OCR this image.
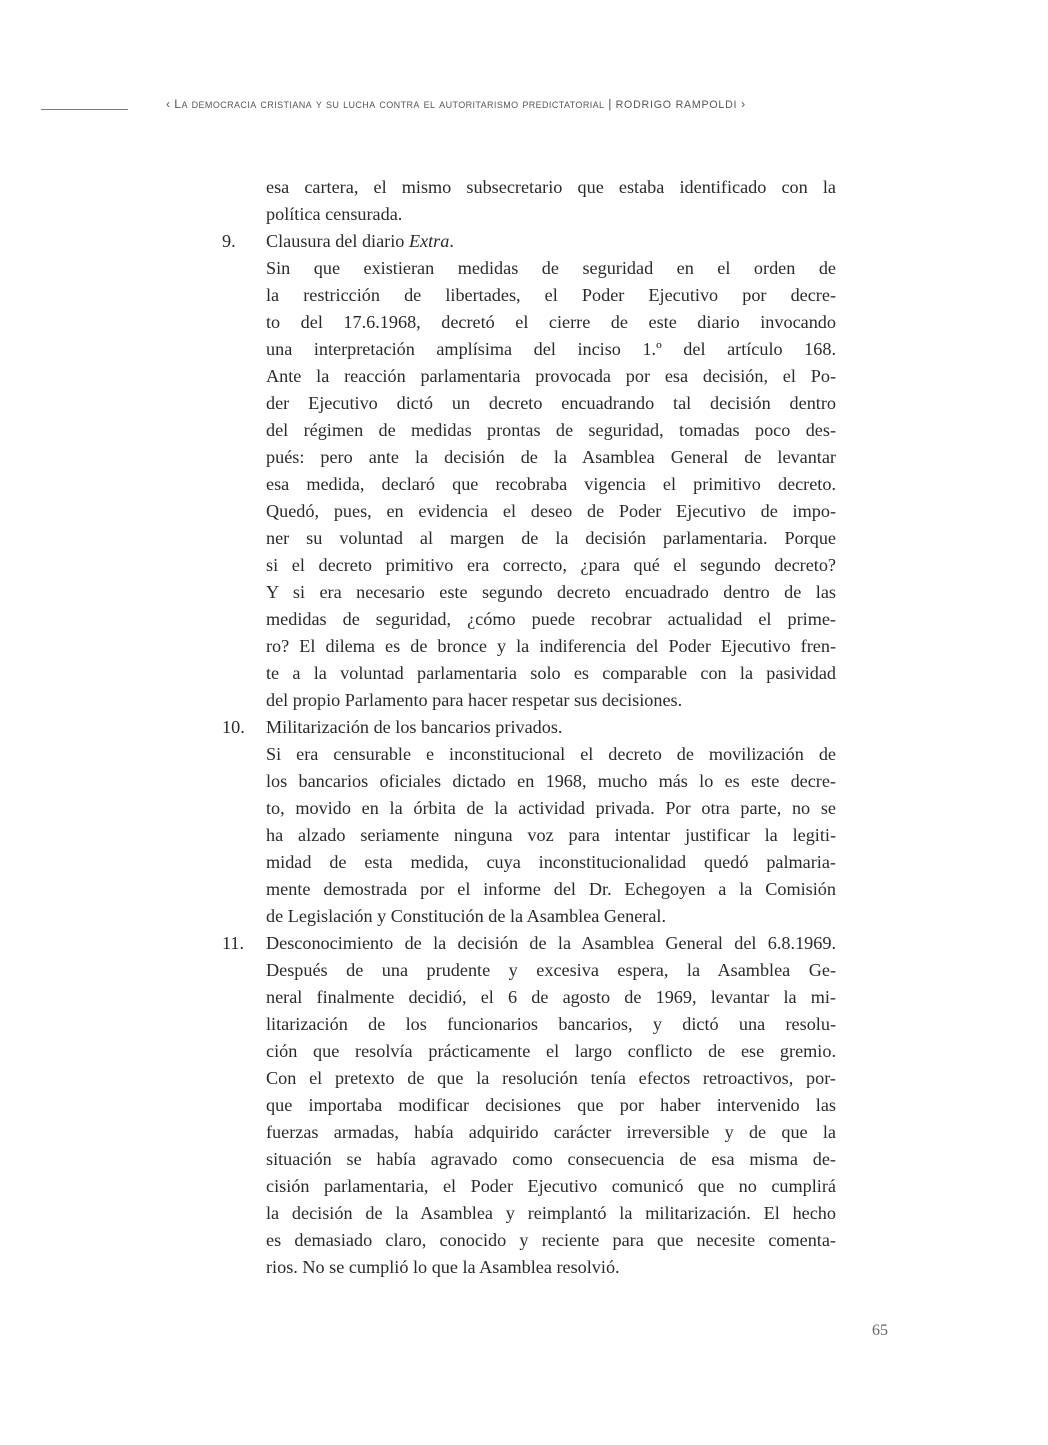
‹ La democracia cristiana y su lucha contra el autoritarismo predictatorial | RODRIGO RAMPOLDI ›
esa cartera, el mismo subsecretario que estaba identificado con la
política censurada.
9.	Clausura del diario Extra.
Sin que existieran medidas de seguridad en el orden de
la restricción de libertades, el Poder Ejecutivo por decre-
to del 17.6.1968, decretó el cierre de este diario invocando
una interpretación amplísima del inciso 1.º del artículo 168.
Ante la reacción parlamentaria provocada por esa decisión, el Po-
der Ejecutivo dictó un decreto encuadrando tal decisión dentro
del régimen de medidas prontas de seguridad, tomadas poco des-
pués: pero ante la decisión de la Asamblea General de levantar
esa medida, declaró que recobraba vigencia el primitivo decreto.
Quedó, pues, en evidencia el deseo de Poder Ejecutivo de impo-
ner su voluntad al margen de la decisión parlamentaria. Porque
si el decreto primitivo era correcto, ¿para qué el segundo decreto?
Y si era necesario este segundo decreto encuadrado dentro de las
medidas de seguridad, ¿cómo puede recobrar actualidad el prime-
ro? El dilema es de bronce y la indiferencia del Poder Ejecutivo fren-
te a la voluntad parlamentaria solo es comparable con la pasividad
del propio Parlamento para hacer respetar sus decisiones.
10.	Militarización de los bancarios privados.
Si era censurable e inconstitucional el decreto de movilización de
los bancarios oficiales dictado en 1968, mucho más lo es este decre-
to, movido en la órbita de la actividad privada. Por otra parte, no se
ha alzado seriamente ninguna voz para intentar justificar la legiti-
midad de esta medida, cuya inconstitucionalidad quedó palmaria-
mente demostrada por el informe del Dr. Echegoyen a la Comisión
de Legislación y Constitución de la Asamblea General.
11.	Desconocimiento de la decisión de la Asamblea General del 6.8.1969.
Después de una prudente y excesiva espera, la Asamblea Ge-
neral finalmente decidió, el 6 de agosto de 1969, levantar la mi-
litarización de los funcionarios bancarios, y dictó una resolu-
ción que resolvía prácticamente el largo conflicto de ese gremio.
Con el pretexto de que la resolución tenía efectos retroactivos, por-
que importaba modificar decisiones que por haber intervenido las
fuerzas armadas, había adquirido carácter irreversible y de que la
situación se había agravado como consecuencia de esa misma de-
cisión parlamentaria, el Poder Ejecutivo comunicó que no cumplirá
la decisión de la Asamblea y reimplantó la militarización. El hecho
es demasiado claro, conocido y reciente para que necesite comenta-
rios. No se cumplió lo que la Asamblea resolvió.
65
